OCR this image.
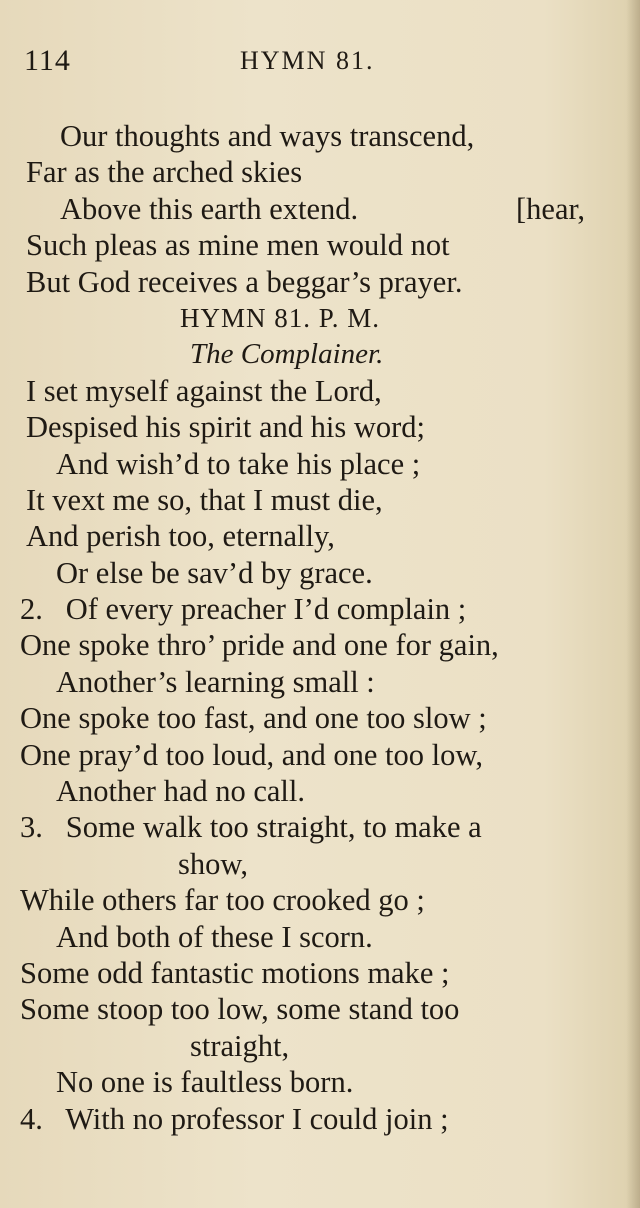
114	HYMN 81.
Our thoughts and ways transcend,
Far as the arched skies
Above this earth extend.	[hear,
Such pleas as mine men would not
But God receives a beggar’s prayer.
HYMN 81. P. M.
The Complainer.
I set myself against the Lord,
Despised his spirit and his word;
And wish’d to take his place ;
It vext me so, that I must die,
And perish too, eternally,
Or else be sav’d by grace.
2.   Of every preacher I’d complain ;
One spoke thro’ pride and one for gain,
Another’s learning small :
One spoke too fast, and one too slow ;
One pray’d too loud, and one too low,
Another had no call.
3.   Some walk too straight, to make a
show,
While others far too crooked go ;
And both of these I scorn.
Some odd fantastic motions make ;
Some stoop too low, some stand too
straight,
No one is faultless born.
4.   With no professor I could join ;
